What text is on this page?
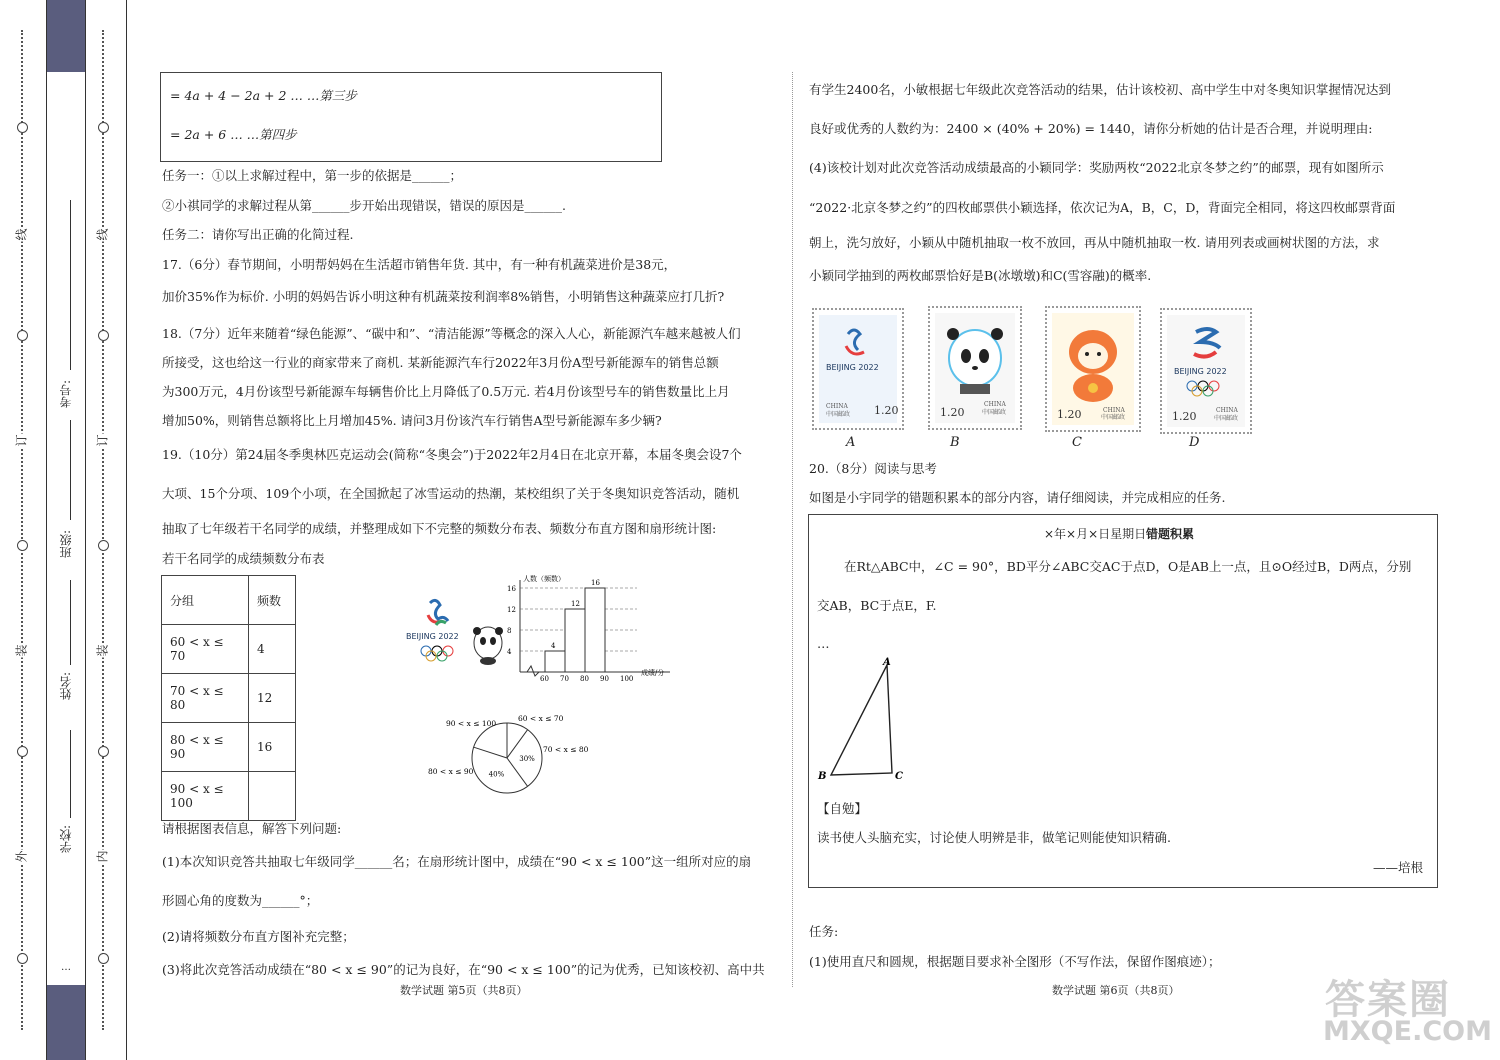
外
装
订
线
内
装
订
线
学校:
姓名:
班级:
考号:
…
= 4a + 4 − 2a + 2 … …第三步
= 2a + 6 … …第四步
任务一：①以上求解过程中，第一步的依据是______；
②小祺同学的求解过程从第______步开始出现错误，错误的原因是______.
任务二：请你写出正确的化简过程.
17.（6分）春节期间，小明帮妈妈在生活超市销售年货. 其中，有一种有机蔬菜进价是38元，
加价35%作为标价. 小明的妈妈告诉小明这种有机蔬菜按利润率8%销售，小明销售这种蔬菜应打几折?
18.（7分）近年来随着“绿色能源”、“碳中和”、“清洁能源”等概念的深入人心，新能源汽车越来越被人们
所接受，这也给这一行业的商家带来了商机. 某新能源汽车行2022年3月份A型号新能源车的销售总额
为300万元，4月份该型号新能源车每辆售价比上月降低了0.5万元. 若4月份该型号车的销售数量比上月
增加50%，则销售总额将比上月增加45%. 请问3月份该汽车行销售A型号新能源车多少辆?
19.（10分）第24届冬季奥林匹克运动会(简称“冬奥会”)于2022年2月4日在北京开幕，本届冬奥会设7个
大项、15个分项、109个小项，在全国掀起了冰雪运动的热潮，某校组织了关于冬奥知识竞答活动，随机
抽取了七年级若干名同学的成绩，并整理成如下不完整的频数分布表、频数分布直方图和扇形统计图:
若干名同学的成绩频数分布表
分组	频数
60 < x ≤ 70	4
70 < x ≤ 80	12
80 < x ≤ 90	16
90 < x ≤ 100	
BEIJING 2022
4
8
12
16
60 70 80 90 100
4
12
16
人数（频数）
成绩/分
60 < x ≤ 70
70 < x ≤ 80
80 < x ≤ 90
90 < x ≤ 100
30%
40%
请根据图表信息，解答下列问题:
(1)本次知识竞答共抽取七年级同学______名；在扇形统计图中，成绩在“90 < x ≤ 100”这一组所对应的扇
形圆心角的度数为______°；
(2)请将频数分布直方图补充完整；
(3)将此次竞答活动成绩在“80 < x ≤ 90”的记为良好，在“90 < x ≤ 100”的记为优秀，已知该校初、高中共
数学试题 第5页（共8页）
有学生2400名，小敏根据七年级此次竞答活动的结果，估计该校初、高中学生中对冬奥知识掌握情况达到
良好或优秀的人数约为：2400 × (40% + 20%) = 1440，请你分析她的估计是否合理，并说明理由:
(4)该校计划对此次竞答活动成绩最高的小颖同学：奖励两枚“2022北京冬梦之约”的邮票，现有如图所示
“2022·北京冬梦之约”的四枚邮票供小颖选择，依次记为A，B，C，D，背面完全相同，将这四枚邮票背面
朝上，洗匀放好，小颖从中随机抽取一枚不放回，再从中随机抽取一枚. 请用列表或画树状图的方法，求
小颖同学抽到的两枚邮票恰好是B(冰墩墩)和C(雪容融)的概率.
BEIJING 2022
CHINA
中国邮政 1.20
A
CHINA
中国邮政
1.20
B
CHINA
中国邮政
1.20
C
BEIJING 2022
CHINA
中国邮政
1.20
D
20.（8分）阅读与思考
如图是小宇同学的错题积累本的部分内容，请仔细阅读，并完成相应的任务.
×年×月×日星期日 错题积累
在Rt△ABC中，∠C = 90°，BD平分∠ABC交AC于点D，O是AB上一点，且⊙O经过B，D两点，分别
交AB，BC于点E，F.
…
A
B	C
【自勉】
读书使人头脑充实，讨论使人明辨是非，做笔记则能使知识精确.
——培根
任务:
(1)使用直尺和圆规，根据题目要求补全图形（不写作法，保留作图痕迹）；
数学试题 第6页（共8页）	答案圈
MXQE.COM
